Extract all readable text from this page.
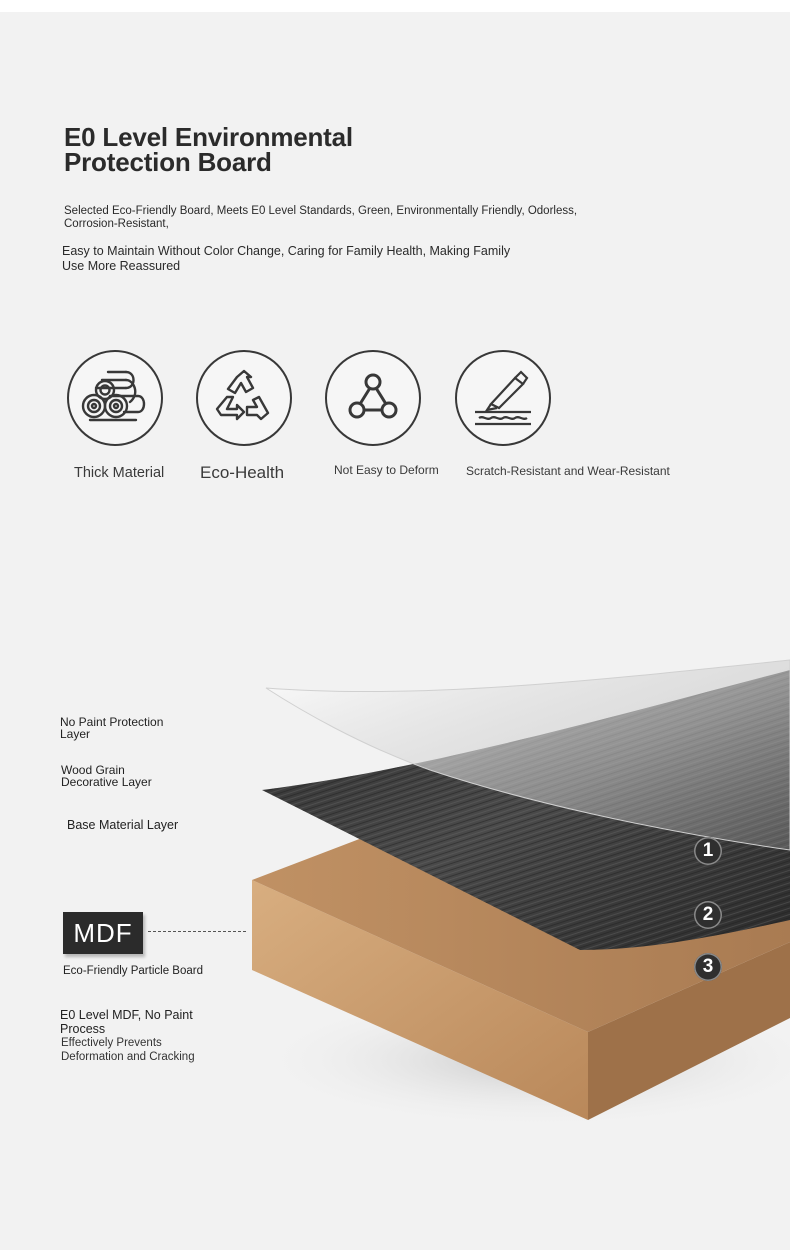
E0 Level Environmental
Protection Board
Selected Eco-Friendly Board, Meets E0 Level Standards, Green, Environmentally Friendly, Odorless, Corrosion-Resistant,
Easy to Maintain Without Color Change, Caring for Family Health, Making Family Use More Reassured
Thick Material Eco-Health	Not Easy to Deform Scratch-Resistant and Wear-Resistant
1
2
3
No Paint Protection
Layer
Wood Grain
Decorative Layer
Base Material Layer
MDF
Eco-Friendly Particle Board
E0 Level MDF, No Paint
Process
Effectively Prevents
Deformation and Cracking
